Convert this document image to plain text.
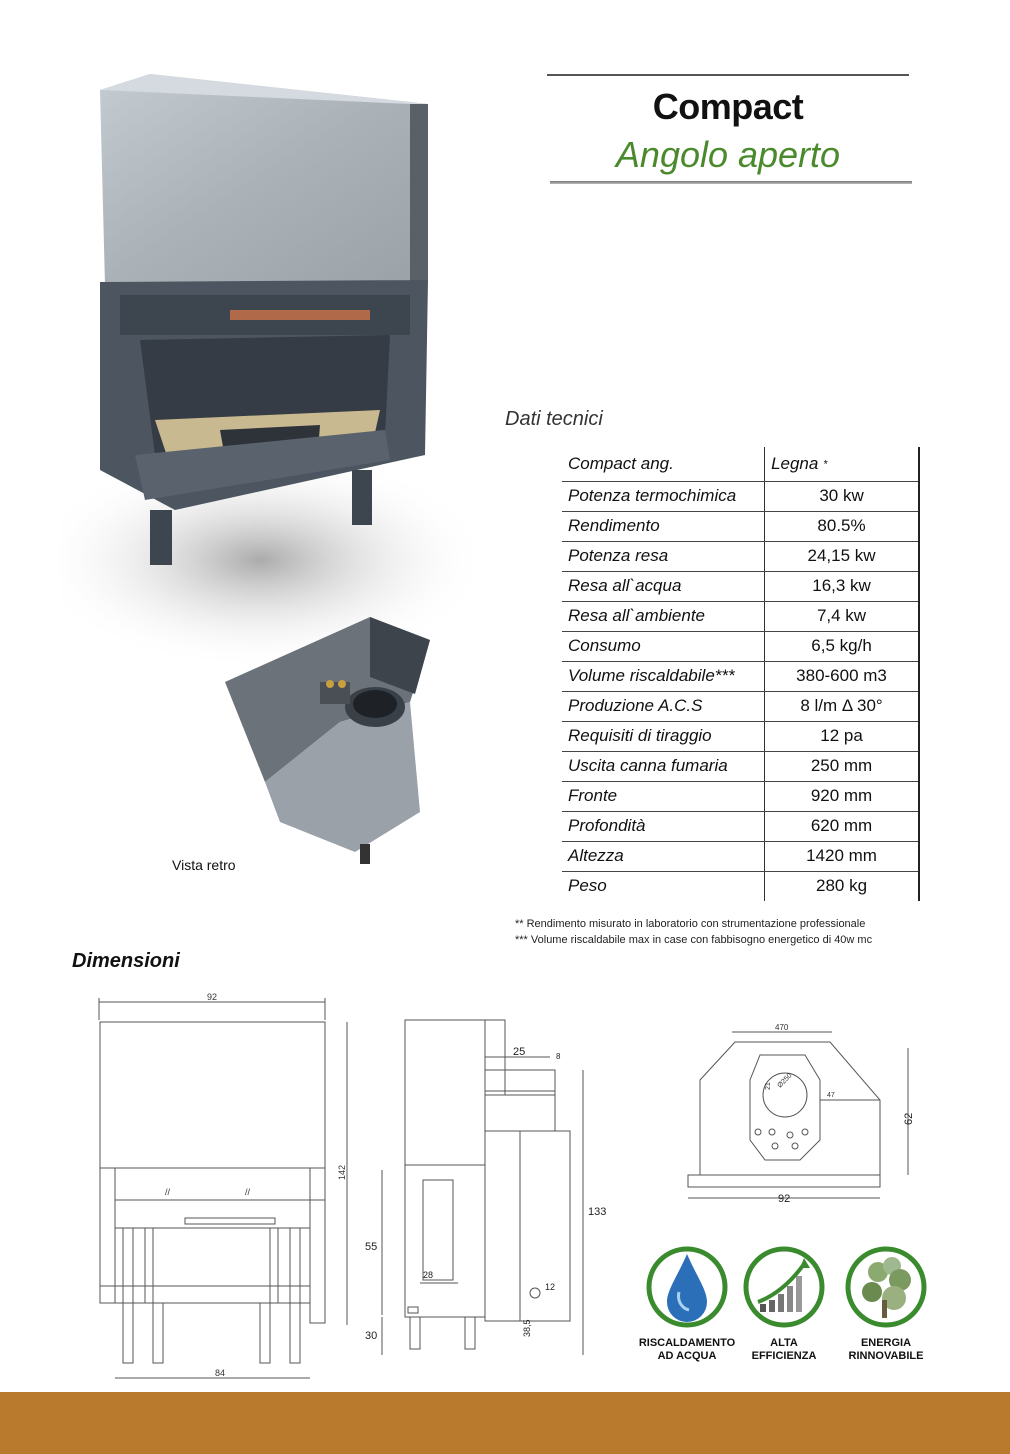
Compact
Angolo aperto
Vista retro
Dati tecnici
Compact ang.	Legna *
Potenza termochimica	30 kw
Rendimento	80.5%
Potenza resa	24,15 kw
Resa all`acqua	16,3 kw
Resa all`ambiente	7,4 kw
Consumo	6,5 kg/h
Volume riscaldabile***	380-600 m3
Produzione A.C.S	8 l/m Δ 30°
Requisiti di tiraggio	12 pa
Uscita canna fumaria	250 mm
Fronte	920 mm
Profondità	620 mm
Altezza	1420 mm
Peso	280 kg
** Rendimento misurato in laboratorio con strumentazione professionale
*** Volume riscaldabile max in case con fabbisogno energetico di 40w mc
Dimensioni
92
//	//
142
84
25	8
133
55
28
12
30	38,5
470
21 Ø250
47
92
62
RISCALDAMENTO
AD ACQUA
ALTA
EFFICIENZA
ENERGIA
RINNOVABILE
